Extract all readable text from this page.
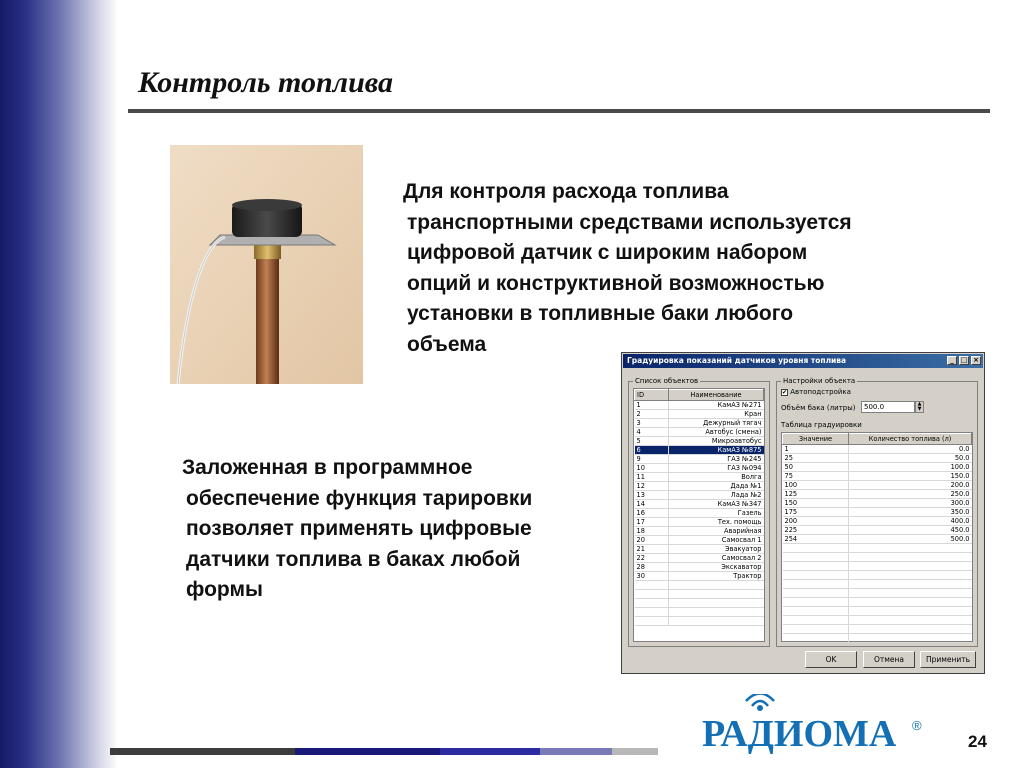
Контроль топлива
Для контроля расхода топлива
транспортными средствами используется
цифровой датчик с широким набором
опций и конструктивной возможностью
установки в топливные баки любого
объема
Заложенная в программное
обеспечение функция тарировки
позволяет применять цифровые
датчики топлива в баках любой
формы
Градуировка показаний датчиков уровня топлива	_ □ ×
Список объектов
ID	Наименование
1	КамАЗ №271
2	Кран
3	Дежурный тягач
4	Автобус (смена)
5	Микроавтобус
6	КамАЗ №875
9	ГАЗ №245
10	ГАЗ №094
11	Волга
12	Дада №1
13	Лада №2
14	КамАЗ №347
16	Газель
17	Тех. помощь
18	Аварийная
20	Самосвал 1
21	Эвакуатор
22	Самосвал 2
28	Экскаватор
30	Трактор

Настройки объекта
✔ Автоподстройка
Объём бака (литры)	500.0	▲
▼
Таблица градуировки
Значение	Количество топлива (л)
1	0.0
25	50.0
50	100.0
75	150.0
100	200.0
125	250.0
150	300.0
175	350.0
200	400.0
225	450.0
254	500.0

OK	Отмена	Применить
РАДИОМА ®
24
